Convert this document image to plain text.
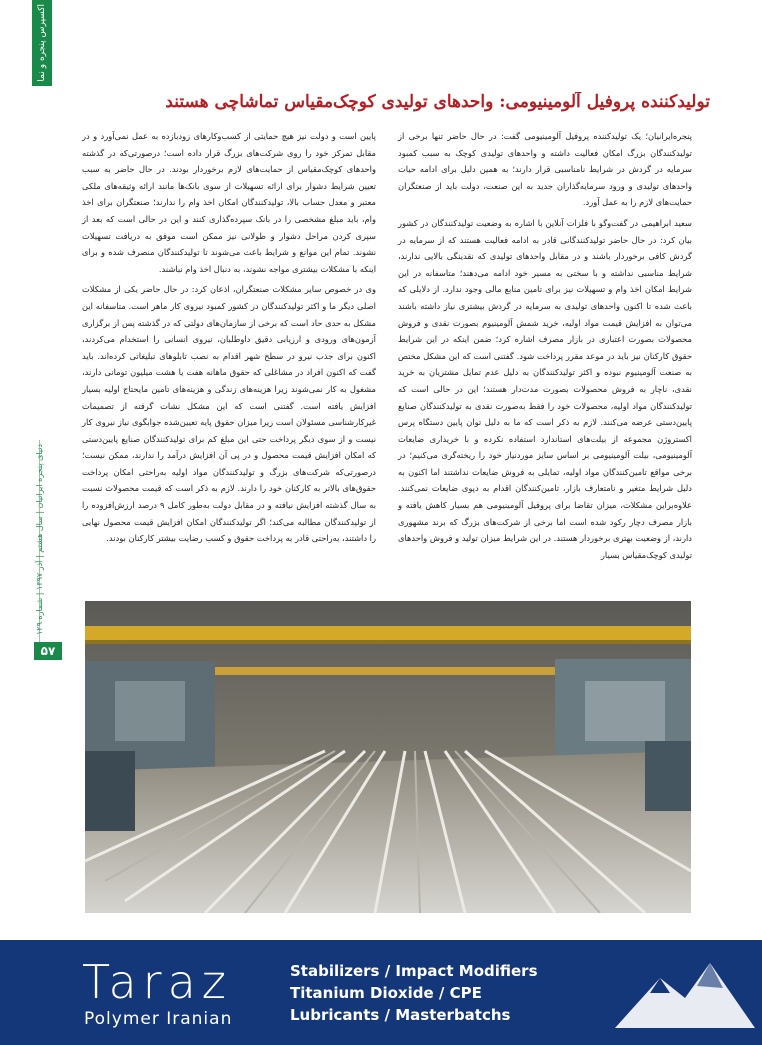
اکسپرس پنجره و نما
دنیای پنجره ایرانیان | سال هشتم | آذر ۱۳۹۷ | شماره ۱۲۹
۵۷
تولیدکننده پروفیل آلومینیومی: واحدهای تولیدی کوچک‌مقیاس تماشاچی هستند

پنجره‌ایرانیان؛ یک تولیدکننده پروفیل آلومینیومی گفت: در حال حاضر تنها برخی از تولیدکنندگان بزرگ امکان فعالیت داشته و واحدهای تولیدی کوچک به سبب کمبود سرمایه در گردش در شرایط نامناسبی قرار دارند؛ به همین دلیل برای ادامه حیات واحدهای تولیدی و ورود سرمایه‌گذاران جدید به این صنعت، دولت باید از صنعتگران حمایت‌های لازم را به عمل آورد.

سعید ابراهیمی در گفت‌وگو با فلزات آنلاین با اشاره به وضعیت تولیدکنندگان در کشور بیان کرد: در حال حاضر تولیدکنندگانی قادر به ادامه فعالیت هستند که از سرمایه در گردش کافی برخوردار باشند و در مقابل واحدهای تولیدی که نقدینگی بالایی ندارند، شرایط مناسبی نداشته و با سختی به مسیر خود ادامه می‌دهند؛ متاسفانه در این شرایط امکان اخذ وام و تسهیلات نیز برای تامین منابع مالی وجود ندارد. از دلایلی که باعث شده تا اکنون واحدهای تولیدی به سرمایه در گردش بیشتری نیاز داشته باشند می‌توان به افزایش قیمت مواد اولیه، خرید شمش آلومینیوم بصورت نقدی و فروش محصولات بصورت اعتباری در بازار مصرف اشاره کرد؛ ضمن اینکه در این شرایط حقوق کارکنان نیز باید در موعد مقرر پرداخت شود. گفتنی است که این مشکل مختص به صنعت آلومینیوم نبوده و اکثر تولیدکنندگان به دلیل عدم تمایل مشتریان به خرید نقدی، ناچار به فروش محصولات بصورت مدت‌دار هستند؛ این در حالی است که تولیدکنندگان مواد اولیه، محصولات خود را فقط به‌صورت نقدی به تولیدکنندگان صنایع پایین‌دستی عرضه می‌کنند. لازم به ذکر است که ما به دلیل توان پایین دستگاه پرس اکستروژن مجموعه از بیلت‌های استاندارد استفاده نکرده و با خریداری ضایعات آلومینیومی، بیلت آلومینیومی بر اساس سایز موردنیاز خود را ریخته‌گری می‌کنیم؛ در برخی مواقع تامین‌کنندگان مواد اولیه، تمایلی به فروش ضایعات نداشتند اما اکنون به دلیل شرایط متغیر و نامتعارف بازار، تامین‌کنندگان اقدام به دپوی ضایعات نمی‌کنند. علاوه‌براین مشکلات، میزان تقاضا برای پروفیل آلومینیومی هم بسیار کاهش یافته و بازار مصرف دچار رکود شده است اما برخی از شرکت‌های بزرگ که برند مشهوری دارند، از وضعیت بهتری برخوردار هستند. در این شرایط میزان تولید و فروش واحدهای تولیدی کوچک‌مقیاس بسیار

پایین است و دولت نیز هیچ حمایتی از کسب‌وکارهای زودبازده به عمل نمی‌آورد و در مقابل تمرکز خود را روی شرکت‌های بزرگ قرار داده است؛ درصورتی‌که در گذشته واحدهای کوچک‌مقیاس از حمایت‌های لازم برخوردار بودند. در حال حاضر به سبب تعیین شرایط دشوار برای ارائه تسهیلات از سوی بانک‌ها مانند ارائه وثیقه‌های ملکی معتبر و معدل حساب بالا، تولیدکنندگان امکان اخذ وام را ندارند؛ صنعتگران برای اخذ وام، باید مبلغ مشخصی را در بانک سپرده‌گذاری کنند و این در حالی است که بعد از سپری کردن مراحل دشوار و طولانی نیز ممکن است موفق به دریافت تسهیلات نشوند. تمام این موانع و شرایط باعث می‌شوند تا تولیدکنندگان منصرف شده و برای اینکه با مشکلات بیشتری مواجه نشوند، به دنبال اخذ وام نباشند.

وی در خصوص سایر مشکلات صنعتگران، اذعان کرد: در حال حاضر یکی از مشکلات اصلی دیگر ما و اکثر تولیدکنندگان در کشور کمبود نیروی کار ماهر است. متاسفانه این مشکل به حدی حاد است که برخی از سازمان‌های دولتی که در گذشته پس از برگزاری آزمون‌های ورودی و ارزیابی دقیق داوطلبان، نیروی انسانی را استخدام می‌کردند، اکنون برای جذب نیرو در سطح شهر اقدام به نصب تابلوهای تبلیغاتی کرده‌اند. باید گفت که اکنون افراد در مشاغلی که حقوق ماهانه هفت یا هشت میلیون تومانی دارند، مشغول به کار نمی‌شوند زیرا هزینه‌های زندگی و هزینه‌های تامین مایحتاج اولیه بسیار افزایش یافته است. گفتنی است که این مشکل نشات گرفته از تصمیمات غیرکارشناسی مسئولان است زیرا میزان حقوق پایه تعیین‌شده جوابگوی نیاز نیروی کار نیست و از سوی دیگر پرداخت حتی این مبلغ کم برای تولیدکنندگان صنایع پایین‌دستی که امکان افزایش قیمت محصول و در پی آن افزایش درآمد را ندارند، ممکن نیست؛ درصورتی‌که شرکت‌های بزرگ و تولیدکنندگان مواد اولیه به‌راحتی امکان پرداخت حقوق‌های بالاتر به کارکنان خود را دارند. لازم به ذکر است که قیمت محصولات نسبت به سال گذشته افزایش نیافته و در مقابل دولت به‌طور کامل ۹ درصد ارزش‌افزوده را از تولیدکنندگان مطالبه می‌کند؛ اگر تولیدکنندگان امکان افزایش قیمت محصول نهایی را داشتند، به‌راحتی قادر به پرداخت حقوق و کسب رضایت بیشتر کارکنان بودند.

Taraz
Polymer Iranian
Stabilizers / Impact Modifiers
Titanium Dioxide / CPE
Lubricants / Masterbatchs
